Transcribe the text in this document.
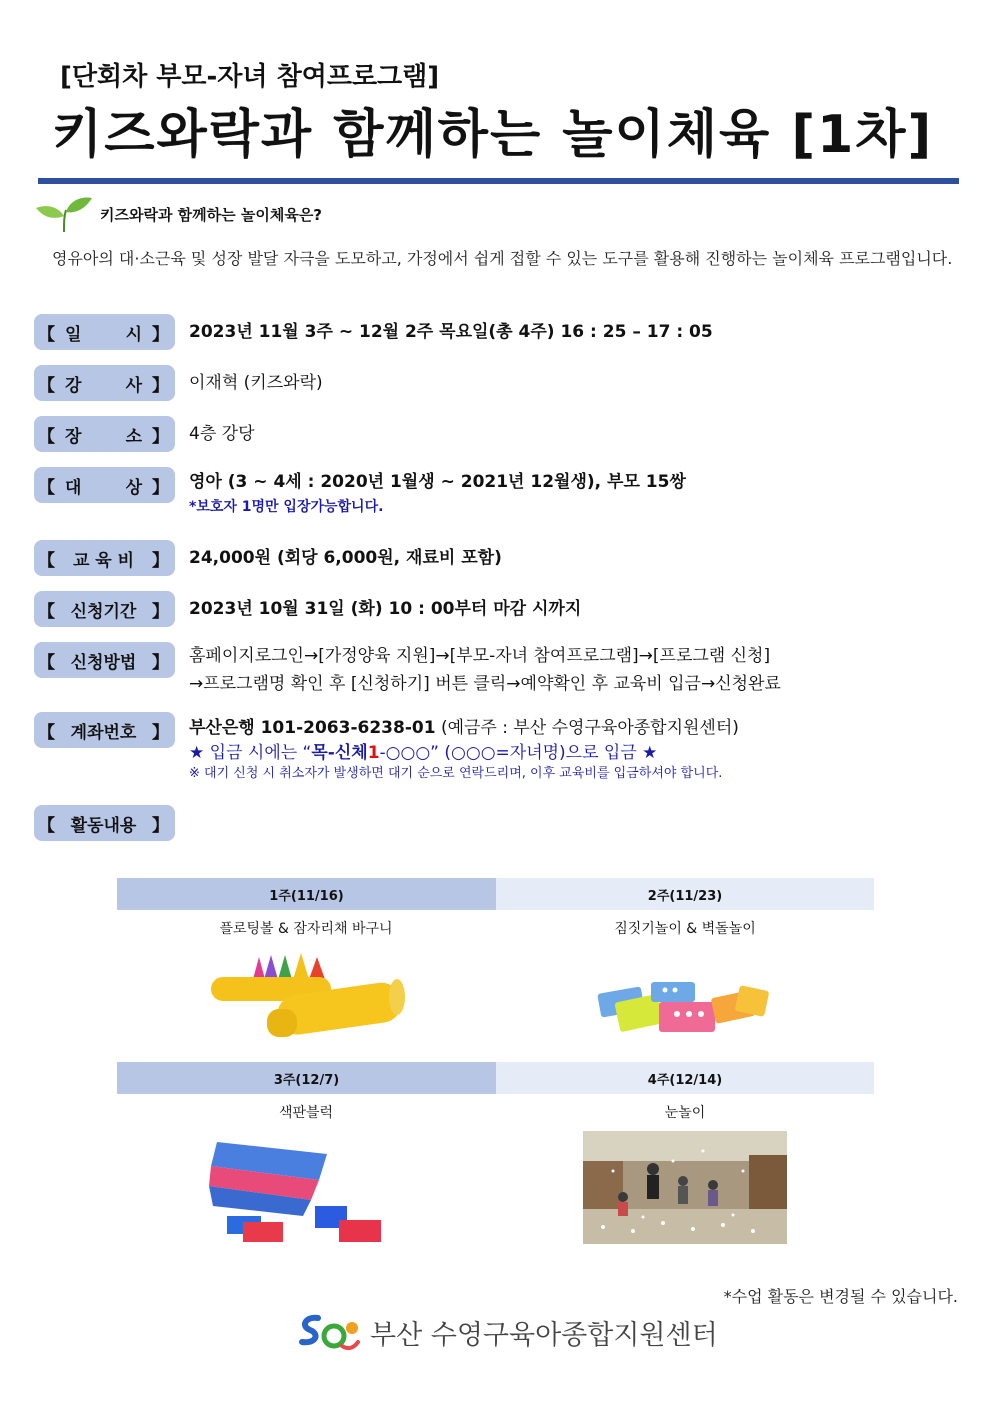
[단회차 부모-자녀 참여프로그램]
키즈와락과 함께하는 놀이체육 [1차]
키즈와락과 함께하는 놀이체육은?
영유아의 대·소근육 및 성장 발달 자극을 도모하고, 가정에서 쉽게 접할 수 있는 도구를 활용해 진행하는 놀이체육 프로그램입니다.
【 일	시 】 2023년 11월 3주 ~ 12월 2주 목요일(총 4주) 16 : 25 – 17 : 05
【 강	사 】 이재혁 (키즈와락)
【 장	소 】 4층 강당
【 대	상 】 영아 (3 ~ 4세 : 2020년 1월생 ~ 2021년 12월생), 부모 15쌍
*보호자 1명만 입장가능합니다.
【	교 육 비	】 24,000원 (회당 6,000원, 재료비 포함)
【 신청기간 】 2023년 10월 31일 (화) 10 : 00부터 마감 시까지
【 신청방법 】 홈페이지로그인→[가정양육 지원]→[부모-자녀 참여프로그램]→[프로그램 신청]
→프로그램명 확인 후 [신청하기] 버튼 클릭→예약확인 후 교육비 입금→신청완료
【 계좌번호 】 부산은행 101-2063-6238-01 (예금주 : 부산 수영구육아종합지원센터)
★ 입금 시에는 “목-신체1-○○○” (○○○=자녀명)으로 입금 ★
※ 대기 신청 시 취소자가 발생하면 대기 순으로 연락드리며, 이후 교육비를 입금하셔야 합니다.
【 활동내용 】
1주(11/16)	2주(11/23)
플로팅볼 & 잠자리채 바구니	짐짓기놀이 & 벽돌놀이
3주(12/7)	4주(12/14)
색판블럭	눈놀이
*수업 활동은 변경될 수 있습니다.
부산 수영구육아종합지원센터
